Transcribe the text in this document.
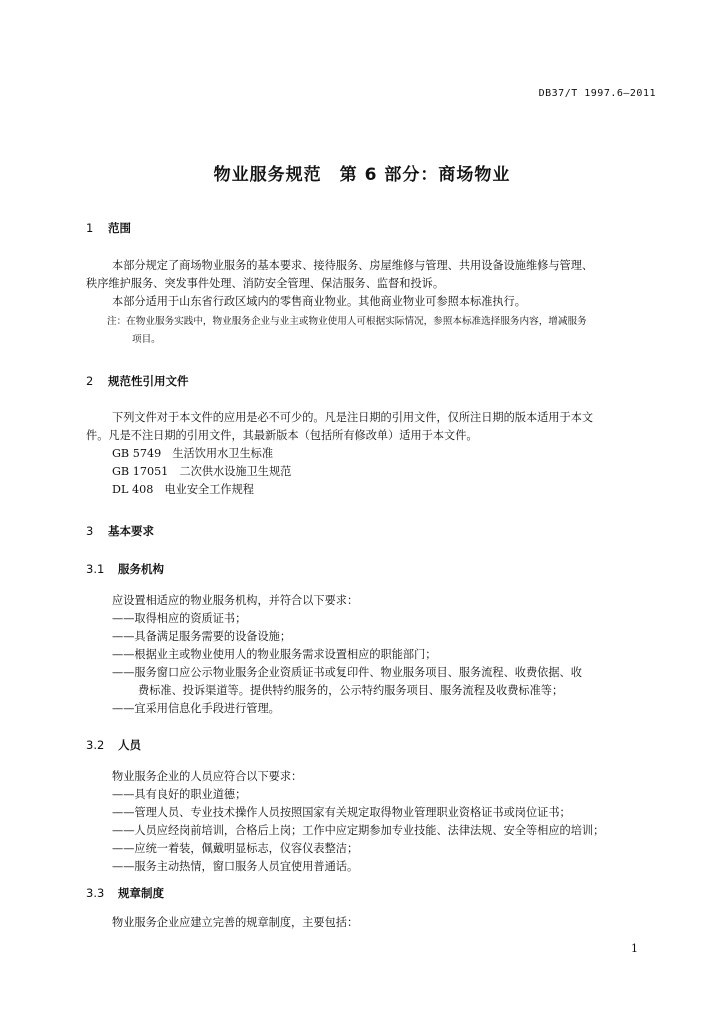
DB37/T 1997.6—2011
物业服务规范　第 6 部分：商场物业
1 范围
本部分规定了商场物业服务的基本要求、接待服务、房屋维修与管理、共用设备设施维修与管理、
秩序维护服务、突发事件处理、消防安全管理、保洁服务、监督和投诉。
本部分适用于山东省行政区域内的零售商业物业。其他商业物业可参照本标准执行。
注：在物业服务实践中，物业服务企业与业主或物业使用人可根据实际情况，参照本标准选择服务内容，增减服务
项目。
2 规范性引用文件
下列文件对于本文件的应用是必不可少的。凡是注日期的引用文件，仅所注日期的版本适用于本文
件。凡是不注日期的引用文件，其最新版本（包括所有修改单）适用于本文件。
GB 5749　生活饮用水卫生标准
GB 17051　二次供水设施卫生规范
DL 408　电业安全工作规程
3 基本要求
3.1 服务机构
应设置相适应的物业服务机构，并符合以下要求：
——取得相应的资质证书；
——具备满足服务需要的设备设施；
——根据业主或物业使用人的物业服务需求设置相应的职能部门；
——服务窗口应公示物业服务企业资质证书或复印件、物业服务项目、服务流程、收费依据、收
费标准、投诉渠道等。提供特约服务的，公示特约服务项目、服务流程及收费标准等；
——宜采用信息化手段进行管理。
3.2 人员
物业服务企业的人员应符合以下要求：
——具有良好的职业道德；
——管理人员、专业技术操作人员按照国家有关规定取得物业管理职业资格证书或岗位证书；
——人员应经岗前培训，合格后上岗；工作中应定期参加专业技能、法律法规、安全等相应的培训；
——应统一着装，佩戴明显标志，仪容仪表整洁；
——服务主动热情，窗口服务人员宜使用普通话。
3.3 规章制度
物业服务企业应建立完善的规章制度，主要包括：
1
